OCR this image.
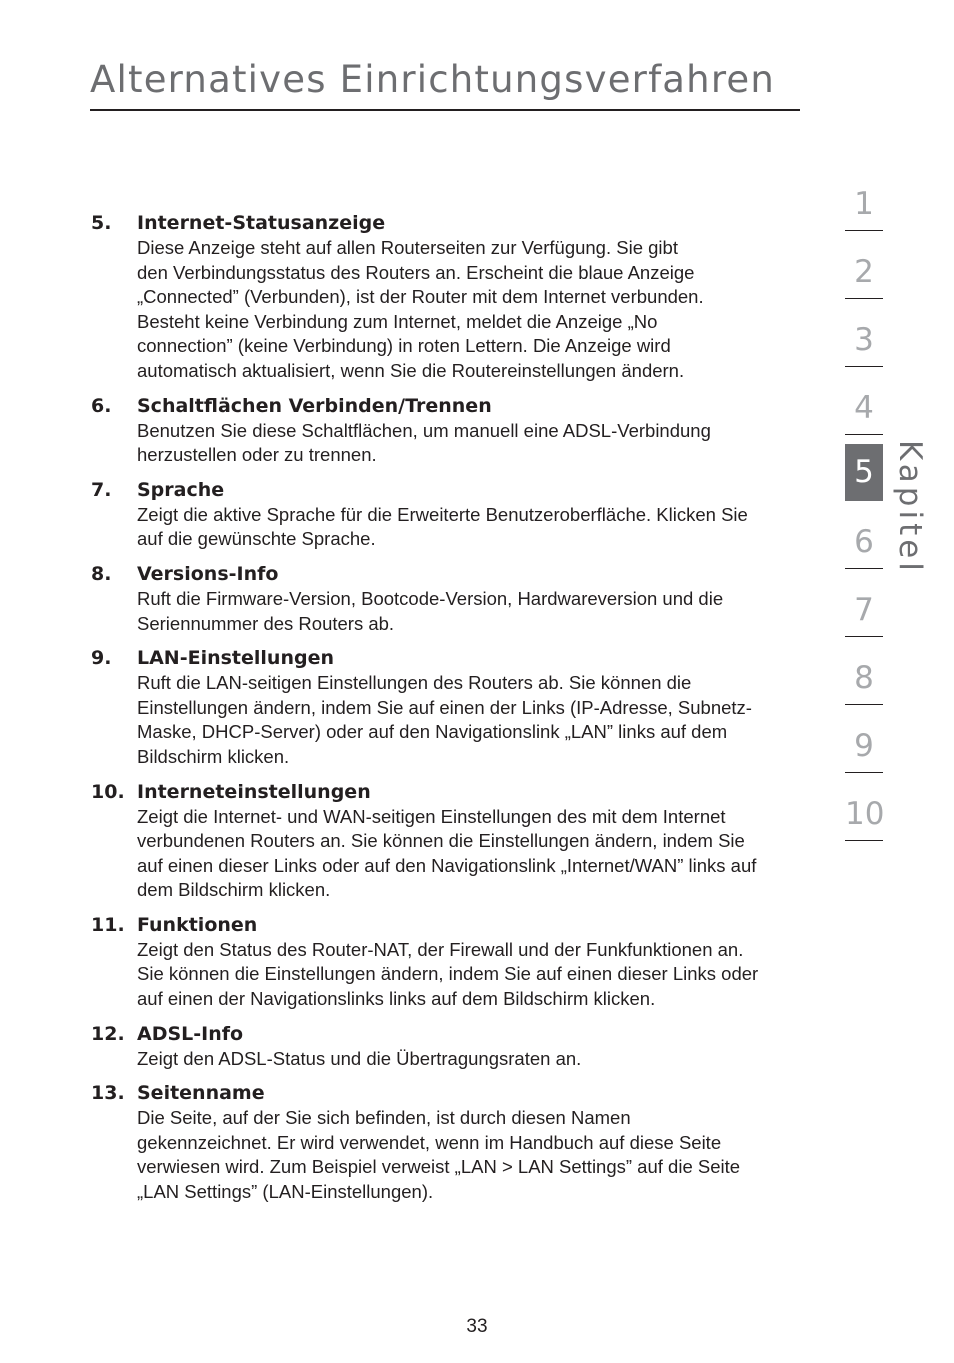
Alternatives Einrichtungsverfahren
5. Internet-Statusanzeige
Diese Anzeige steht auf allen Routerseiten zur Verfügung. Sie gibt
den Verbindungsstatus des Routers an. Erscheint die blaue Anzeige
„Connected” (Verbunden), ist der Router mit dem Internet verbunden.
Besteht keine Verbindung zum Internet, meldet die Anzeige „No
connection” (keine Verbindung) in roten Lettern. Die Anzeige wird
automatisch aktualisiert, wenn Sie die Routereinstellungen ändern.
6. Schaltflächen Verbinden/Trennen
Benutzen Sie diese Schaltflächen, um manuell eine ADSL-Verbindung
herzustellen oder zu trennen.
7. Sprache
Zeigt die aktive Sprache für die Erweiterte Benutzeroberfläche. Klicken Sie
auf die gewünschte Sprache.
8. Versions-Info
Ruft die Firmware-Version, Bootcode-Version, Hardwareversion und die
Seriennummer des Routers ab.
9. LAN-Einstellungen
Ruft die LAN-seitigen Einstellungen des Routers ab. Sie können die
Einstellungen ändern, indem Sie auf einen der Links (IP-Adresse, Subnetz-
Maske, DHCP-Server) oder auf den Navigationslink „LAN” links auf dem
Bildschirm klicken.
10. Interneteinstellungen
Zeigt die Internet- und WAN-seitigen Einstellungen des mit dem Internet
verbundenen Routers an. Sie können die Einstellungen ändern, indem Sie
auf einen dieser Links oder auf den Navigationslink „Internet/WAN” links auf
dem Bildschirm klicken.
11. Funktionen
Zeigt den Status des Router-NAT, der Firewall und der Funkfunktionen an.
Sie können die Einstellungen ändern, indem Sie auf einen dieser Links oder
auf einen der Navigationslinks links auf dem Bildschirm klicken.
12. ADSL-Info
Zeigt den ADSL-Status und die Übertragungsraten an.
13. Seitenname
Die Seite, auf der Sie sich befinden, ist durch diesen Namen
gekennzeichnet. Er wird verwendet, wenn im Handbuch auf diese Seite
verwiesen wird. Zum Beispiel verweist „LAN > LAN Settings” auf die Seite
„LAN Settings” (LAN-Einstellungen).
1
2
3
4
5
6
7
8
9
10
Kapitel
33
